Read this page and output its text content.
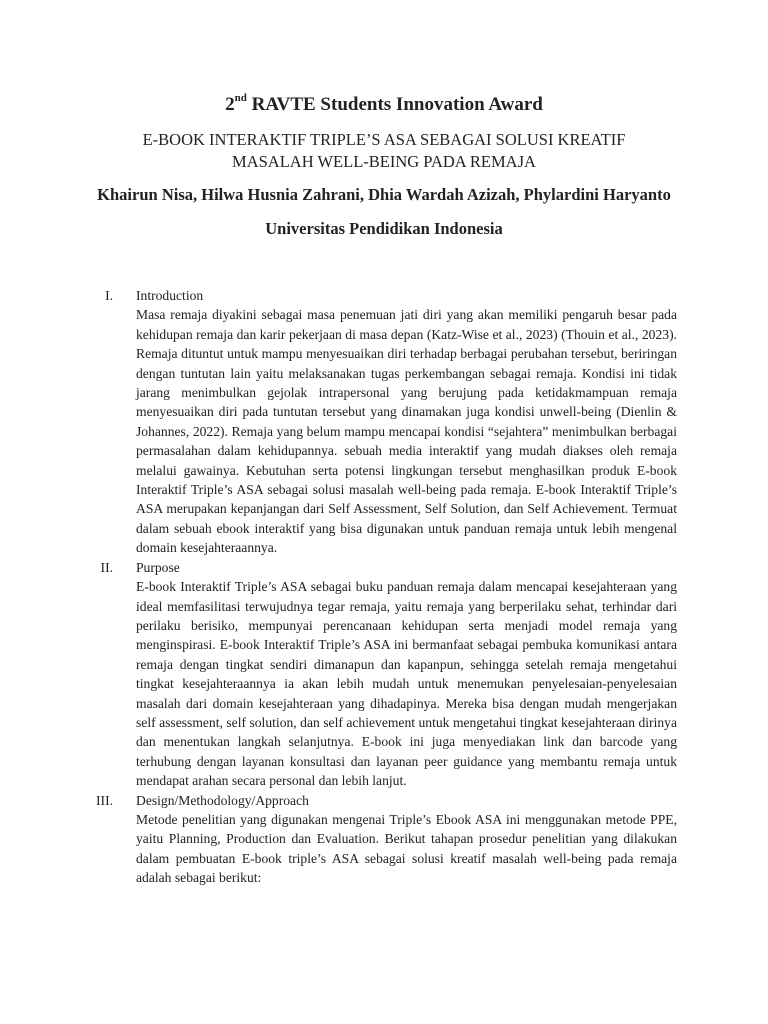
2nd RAVTE Students Innovation Award
E-BOOK INTERAKTIF TRIPLE’S ASA SEBAGAI SOLUSI KREATIF
MASALAH WELL-BEING PADA REMAJA
Khairun Nisa, Hilwa Husnia Zahrani, Dhia Wardah Azizah, Phylardini Haryanto
Universitas Pendidikan Indonesia
I. Introduction
Masa remaja diyakini sebagai masa penemuan jati diri yang akan memiliki pengaruh besar pada kehidupan remaja dan karir pekerjaan di masa depan (Katz-Wise et al., 2023) (Thouin et al., 2023). Remaja dituntut untuk mampu menyesuaikan diri terhadap berbagai perubahan tersebut, beriringan dengan tuntutan lain yaitu melaksanakan tugas perkembangan sebagai remaja. Kondisi ini tidak jarang menimbulkan gejolak intrapersonal yang berujung pada ketidakmampuan remaja menyesuaikan diri pada tuntutan tersebut yang dinamakan juga kondisi unwell-being (Dienlin & Johannes, 2022). Remaja yang belum mampu mencapai kondisi “sejahtera” menimbulkan berbagai permasalahan dalam kehidupannya. sebuah media interaktif yang mudah diakses oleh remaja melalui gawainya. Kebutuhan serta potensi lingkungan tersebut menghasilkan produk E-book Interaktif Triple’s ASA sebagai solusi masalah well-being pada remaja. E-book Interaktif Triple’s ASA merupakan kepanjangan dari Self Assessment, Self Solution, dan Self Achievement. Termuat dalam sebuah ebook interaktif yang bisa digunakan untuk panduan remaja untuk lebih mengenal domain kesejahteraannya.
II. Purpose
E-book Interaktif Triple’s ASA sebagai buku panduan remaja dalam mencapai kesejahteraan yang ideal memfasilitasi terwujudnya tegar remaja, yaitu remaja yang berperilaku sehat, terhindar dari perilaku berisiko, mempunyai perencanaan kehidupan serta menjadi model remaja yang menginspirasi. E-book Interaktif Triple’s ASA ini bermanfaat sebagai pembuka komunikasi antara remaja dengan tingkat sendiri dimanapun dan kapanpun, sehingga setelah remaja mengetahui tingkat kesejahteraannya ia akan lebih mudah untuk menemukan penyelesaian-penyelesaian masalah dari domain kesejahteraan yang dihadapinya. Mereka bisa dengan mudah mengerjakan self assessment, self solution, dan self achievement untuk mengetahui tingkat kesejahteraan dirinya dan menentukan langkah selanjutnya. E-book ini juga menyediakan link dan barcode yang terhubung dengan layanan konsultasi dan layanan peer guidance yang membantu remaja untuk mendapat arahan secara personal dan lebih lanjut.
III. Design/Methodology/Approach
Metode penelitian yang digunakan mengenai Triple’s Ebook ASA ini menggunakan metode PPE, yaitu Planning, Production dan Evaluation. Berikut tahapan prosedur penelitian yang dilakukan dalam pembuatan E-book triple’s ASA sebagai solusi kreatif masalah well-being pada remaja adalah sebagai berikut:
